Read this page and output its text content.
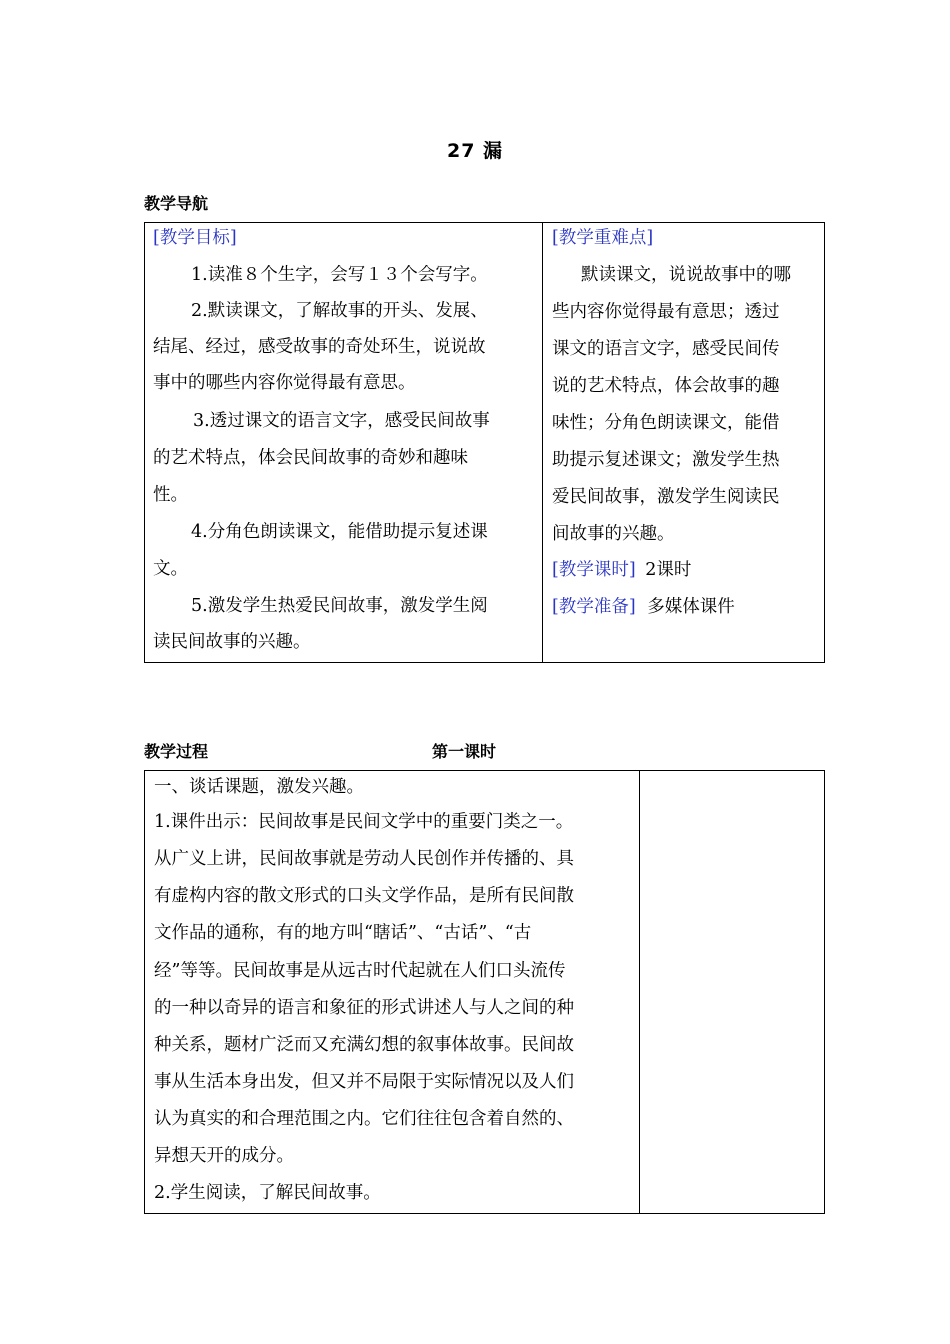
27 漏
教学导航
[教学目标]
1.读准８个生字，会写１３个会写字。
2.默读课文，了解故事的开头、发展、
结尾、经过，感受故事的奇处环生，说说故
事中的哪些内容你觉得最有意思。
3.透过课文的语言文字，感受民间故事
的艺术特点，体会民间故事的奇妙和趣味
性。
4.分角色朗读课文，能借助提示复述课
文。
5.激发学生热爱民间故事，激发学生阅
读民间故事的兴趣。
[教学重难点]
默读课文，说说故事中的哪
些内容你觉得最有意思；透过
课文的语言文字，感受民间传
说的艺术特点，体会故事的趣
味性；分角色朗读课文，能借
助提示复述课文；激发学生热
爱民间故事，激发学生阅读民
间故事的兴趣。
[教学课时] 2课时
[教学准备] 多媒体课件
教学过程	第一课时
一、谈话课题，激发兴趣。
1.课件出示：民间故事是民间文学中的重要门类之一。
从广义上讲，民间故事就是劳动人民创作并传播的、具
有虚构内容的散文形式的口头文学作品，是所有民间散
文作品的通称，有的地方叫“瞎话”、“古话”、“古
经”等等。民间故事是从远古时代起就在人们口头流传
的一种以奇异的语言和象征的形式讲述人与人之间的种
种关系，题材广泛而又充满幻想的叙事体故事。民间故
事从生活本身出发，但又并不局限于实际情况以及人们
认为真实的和合理范围之内。它们往往包含着自然的、
异想天开的成分。
2.学生阅读，了解民间故事。
